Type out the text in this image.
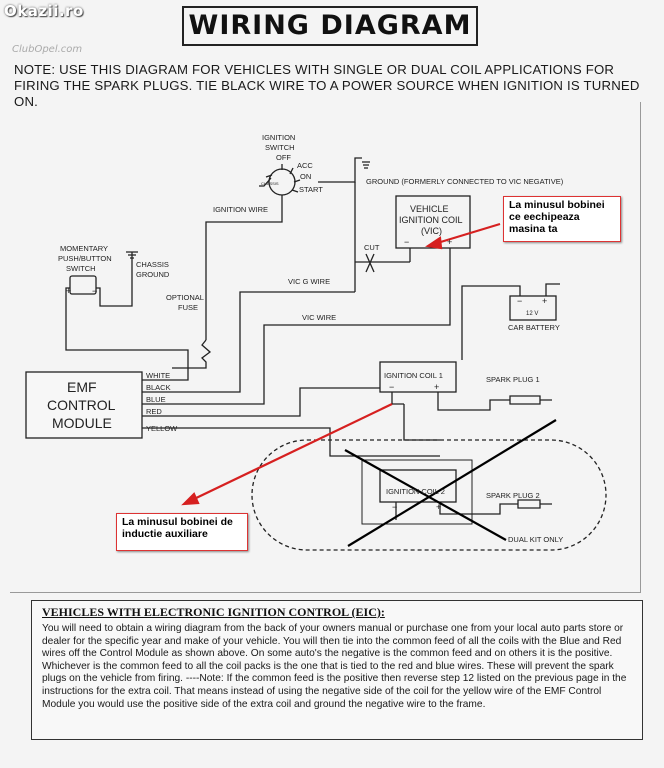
Okazii.ro
ClubOpel.com
WIRING DIAGRAM
NOTE: USE THIS DIAGRAM FOR VEHICLES WITH SINGLE OR DUAL COIL APPLICATIONS FOR FIRING THE SPARK PLUGS. TIE BLACK WIRE TO A POWER SOURCE WHEN IGNITION IS TURNED ON.
IGNITION
SWITCH
OFF
ACC
ON
START
CHASSIS	GROUND (FORMERLY CONNECTED TO VIC NEGATIVE)
IGNITION WIRE	VEHICLE
IGNITION COIL
(VIC)
−	+
CUT
MOMENTARY
PUSH/BUTTON
SWITCH
+ −
CHASSIS
GROUND
OPTIONAL
FUSE
VIC G WIRE
VIC WIRE
− +
12 V
CAR BATTERY
EMF
CONTROL
MODULE
WHITE
BLACK
BLUE
RED
YELLOW
IGNITION COIL 1
−	+
SPARK PLUG 1
IGNITION COIL 2
−	+
SPARK PLUG 2
DUAL KIT ONLY
La minusul bobinei
ce eechipeaza
masina ta
La minusul bobinei de
inductie auxiliare
VEHICLES WITH ELECTRONIC IGNITION CONTROL (EIC):
You will need to obtain a wiring diagram from the back of your owners manual or purchase one from your local auto parts store or dealer for the specific year and make of your vehicle. You will then tie into the common feed of all the coils with the Blue and Red wires off the Control Module as shown above. On some auto's the negative is the common feed and on others it is the positive. Whichever is the common feed to all the coil packs is the one that is tied to the red and blue wires. These will prevent the spark plugs on the vehicle from firing. ----Note: If the common feed is the positive then reverse step 12 listed on the previous page in the instructions for the extra coil. That means instead of using the negative side of the coil for the yellow wire of the EMF Control Module you would use the positive side of the extra coil and ground the negative wire to the frame.
